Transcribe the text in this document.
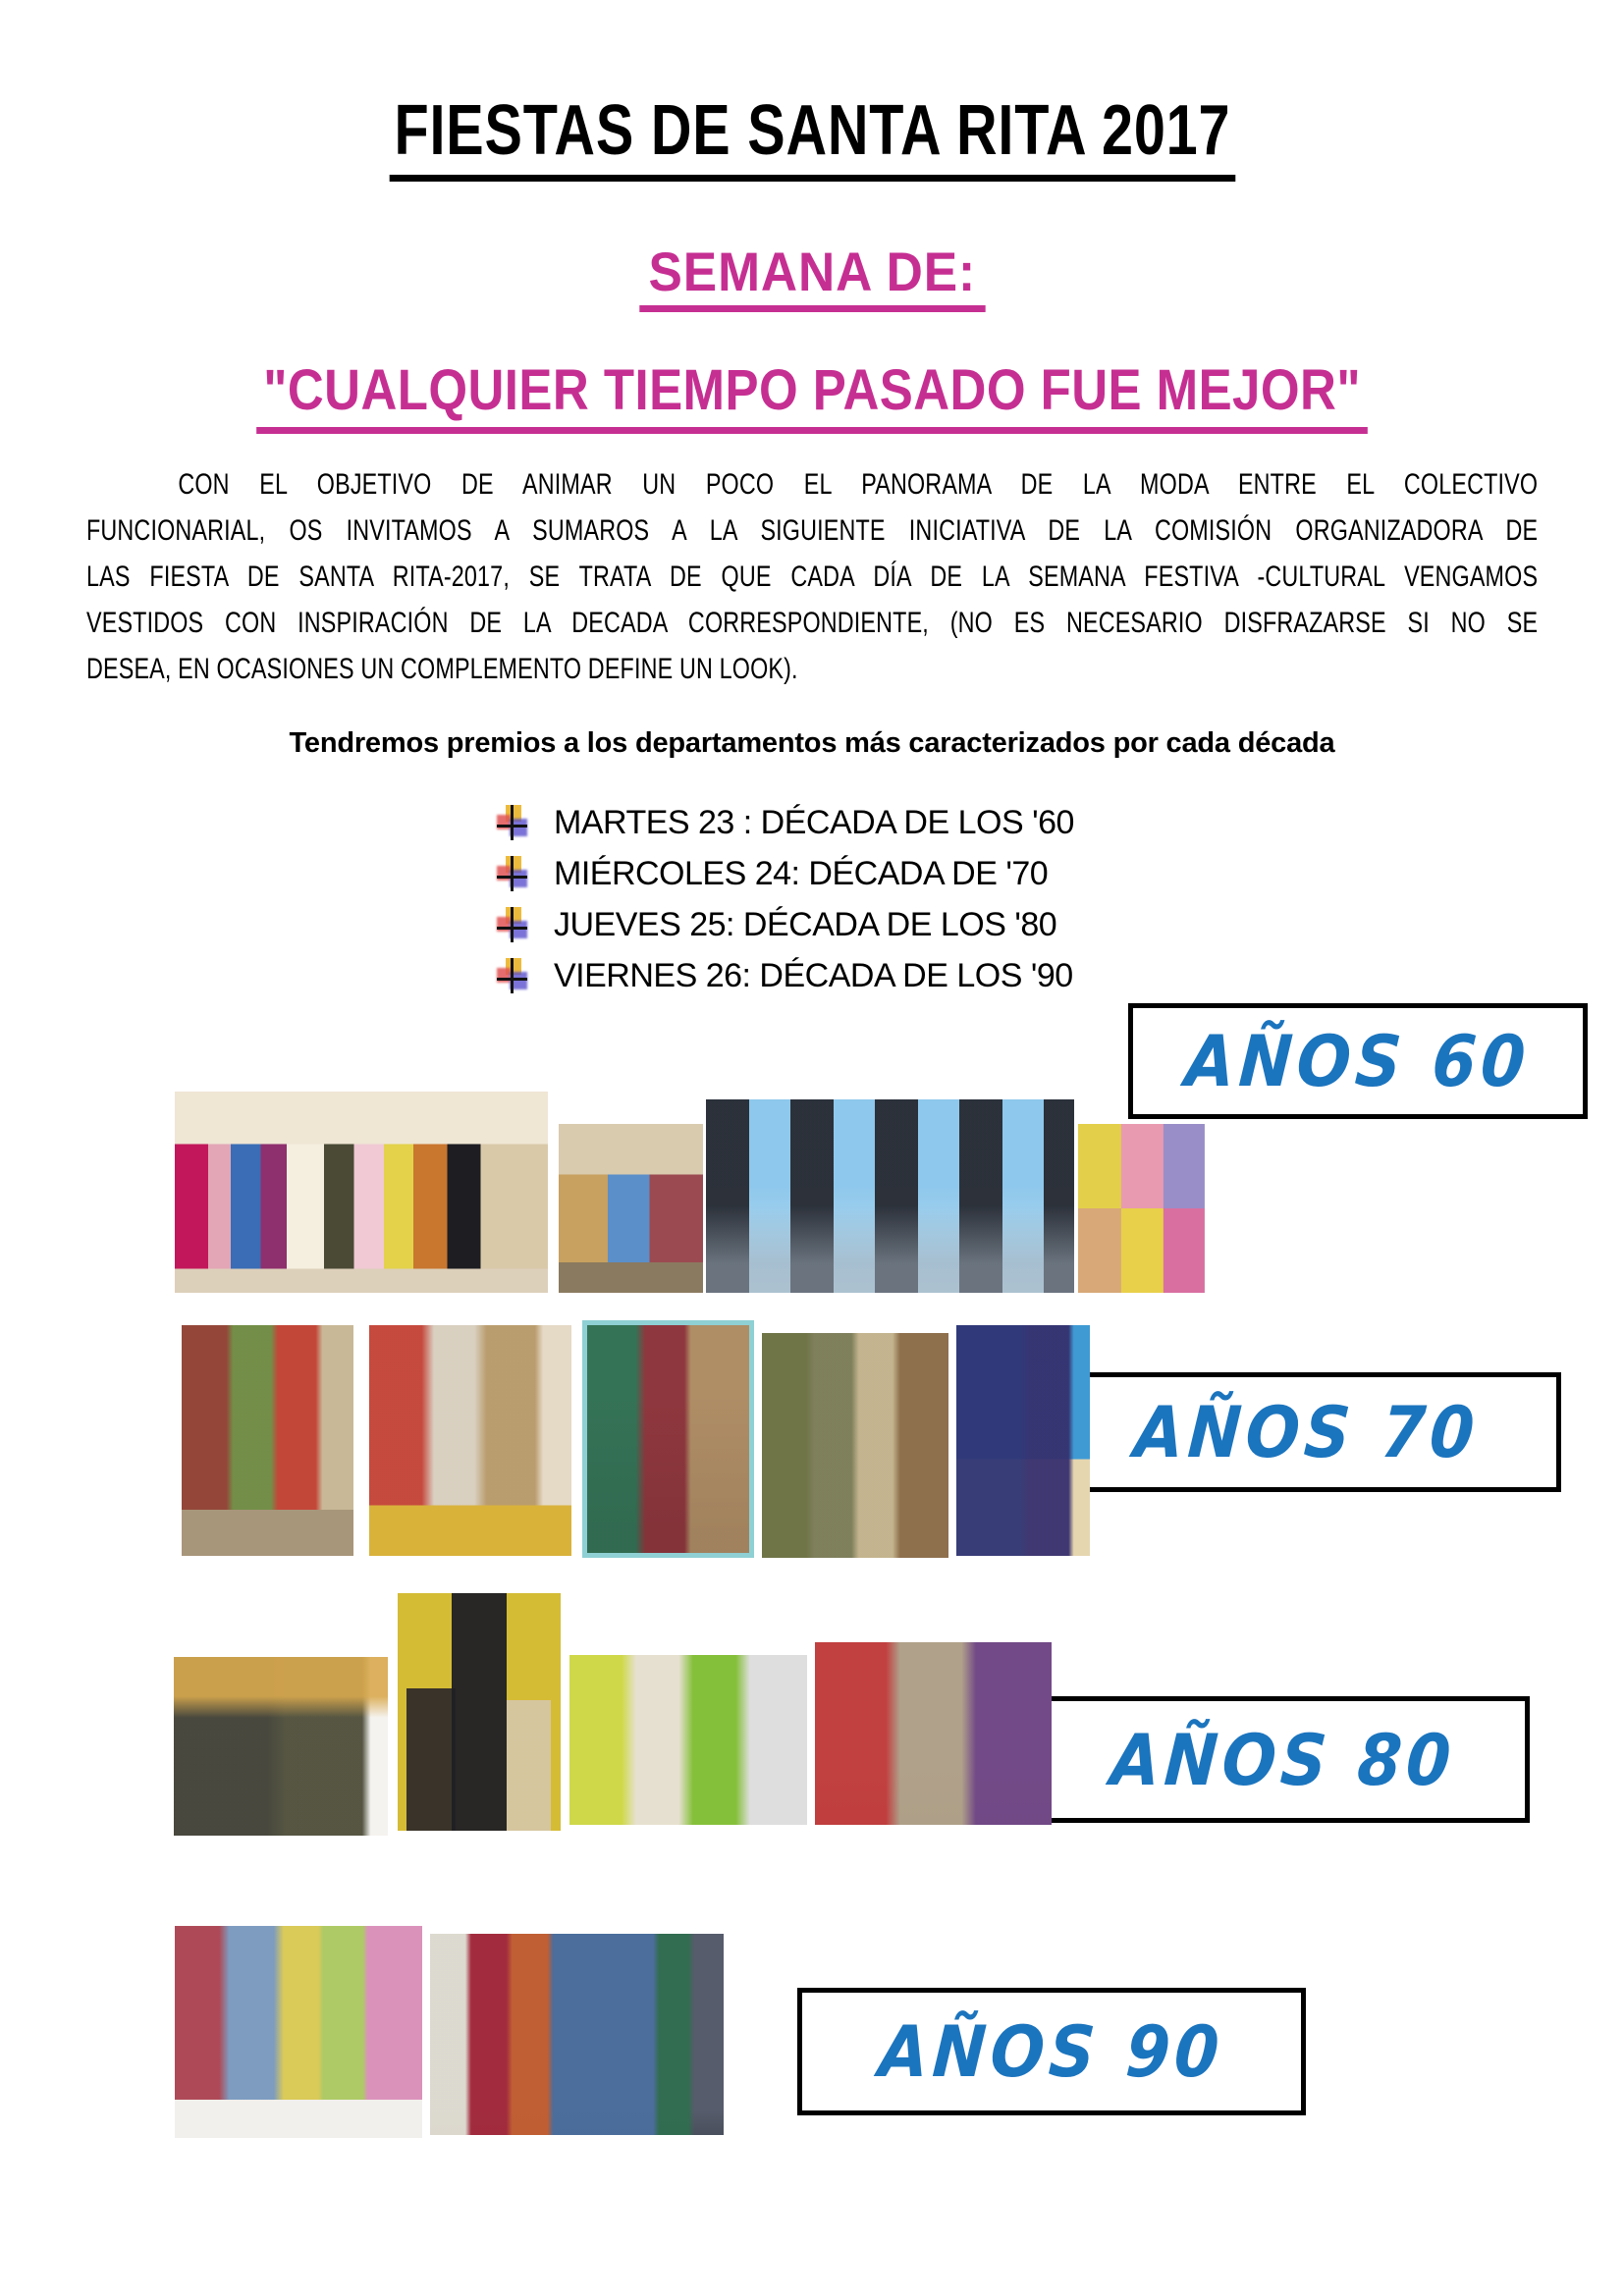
FIESTAS DE SANTA RITA 2017
SEMANA DE:
"CUALQUIER TIEMPO PASADO FUE MEJOR"
CON EL OBJETIVO DE ANIMAR UN POCO EL PANORAMA DE LA MODA ENTRE EL COLECTIVO
FUNCIONARIAL, OS INVITAMOS A SUMAROS A LA SIGUIENTE INICIATIVA DE LA COMISIÓN ORGANIZADORA DE
LAS FIESTA DE SANTA RITA-2017, SE TRATA DE QUE CADA DÍA DE LA SEMANA FESTIVA -CULTURAL VENGAMOS
VESTIDOS CON INSPIRACIÓN DE LA DECADA CORRESPONDIENTE, (NO ES NECESARIO DISFRAZARSE SI NO SE
DESEA, EN OCASIONES UN COMPLEMENTO DEFINE UN LOOK).
Tendremos premios a los departamentos más caracterizados por cada década
MARTES 23 : DÉCADA DE LOS '60
MIÉRCOLES 24: DÉCADA DE '70
JUEVES 25: DÉCADA DE LOS '80
VIERNES 26: DÉCADA DE LOS '90
AÑOS 60
AÑOS 70
AÑOS 80
AÑOS 90
